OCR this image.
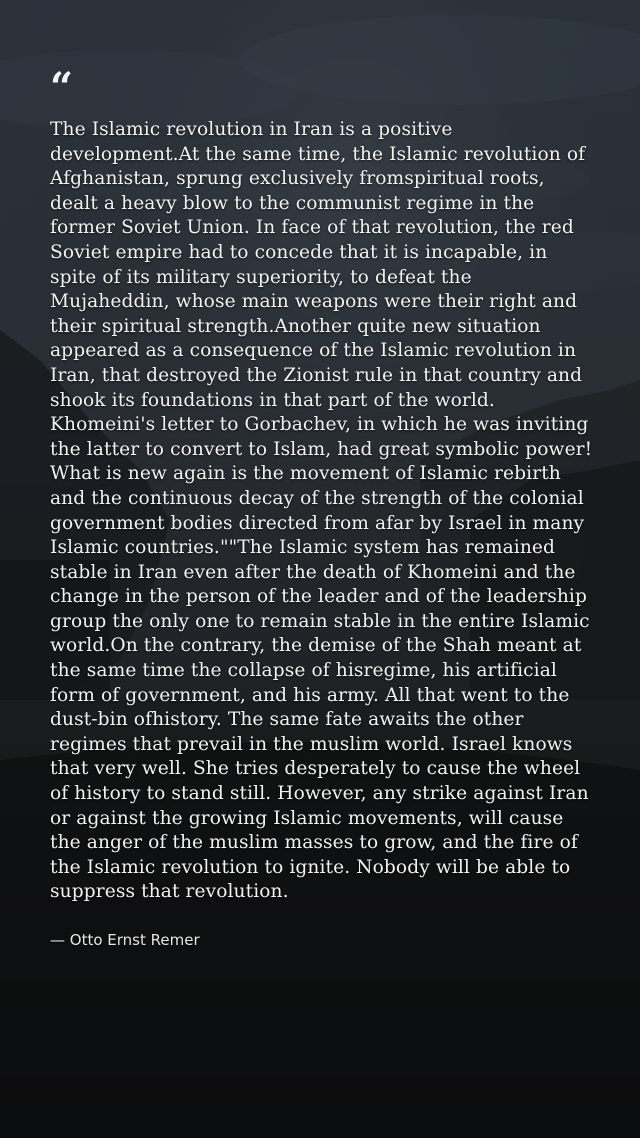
“

The Islamic revolution in Iran is a positive development.At the same time, the Islamic revolution of Afghanistan, sprung exclusively fromspiritual roots, dealt a heavy blow to the communist regime in the former Soviet Union. In face of that revolution, the red Soviet empire had to concede that it is incapable, in spite of its military superiority, to defeat the Mujaheddin, whose main weapons were their right and their spiritual strength.Another quite new situation appeared as a consequence of the Islamic revolution in Iran, that destroyed the Zionist rule in that country and shook its foundations in that part of the world. Khomeini's letter to Gorbachev, in which he was inviting the latter to convert to Islam, had great symbolic power! What is new again is the movement of Islamic rebirth and the continuous decay of the strength of the colonial government bodies directed from afar by Israel in many Islamic countries.""The Islamic system has remained stable in Iran even after the death of Khomeini and the change in the person of the leader and of the leadership group the only one to remain stable in the entire Islamic world.On the contrary, the demise of the Shah meant at the same time the collapse of hisregime, his artificial form of government, and his army. All that went to the dust-bin ofhistory. The same fate awaits the other regimes that prevail in the muslim world. Israel knows that very well. She tries desperately to cause the wheel of history to stand still. However, any strike against Iran or against the growing Islamic movements, will cause the anger of the muslim masses to grow, and the fire of the Islamic revolution to ignite. Nobody will be able to suppress that revolution.

— Otto Ernst Remer
